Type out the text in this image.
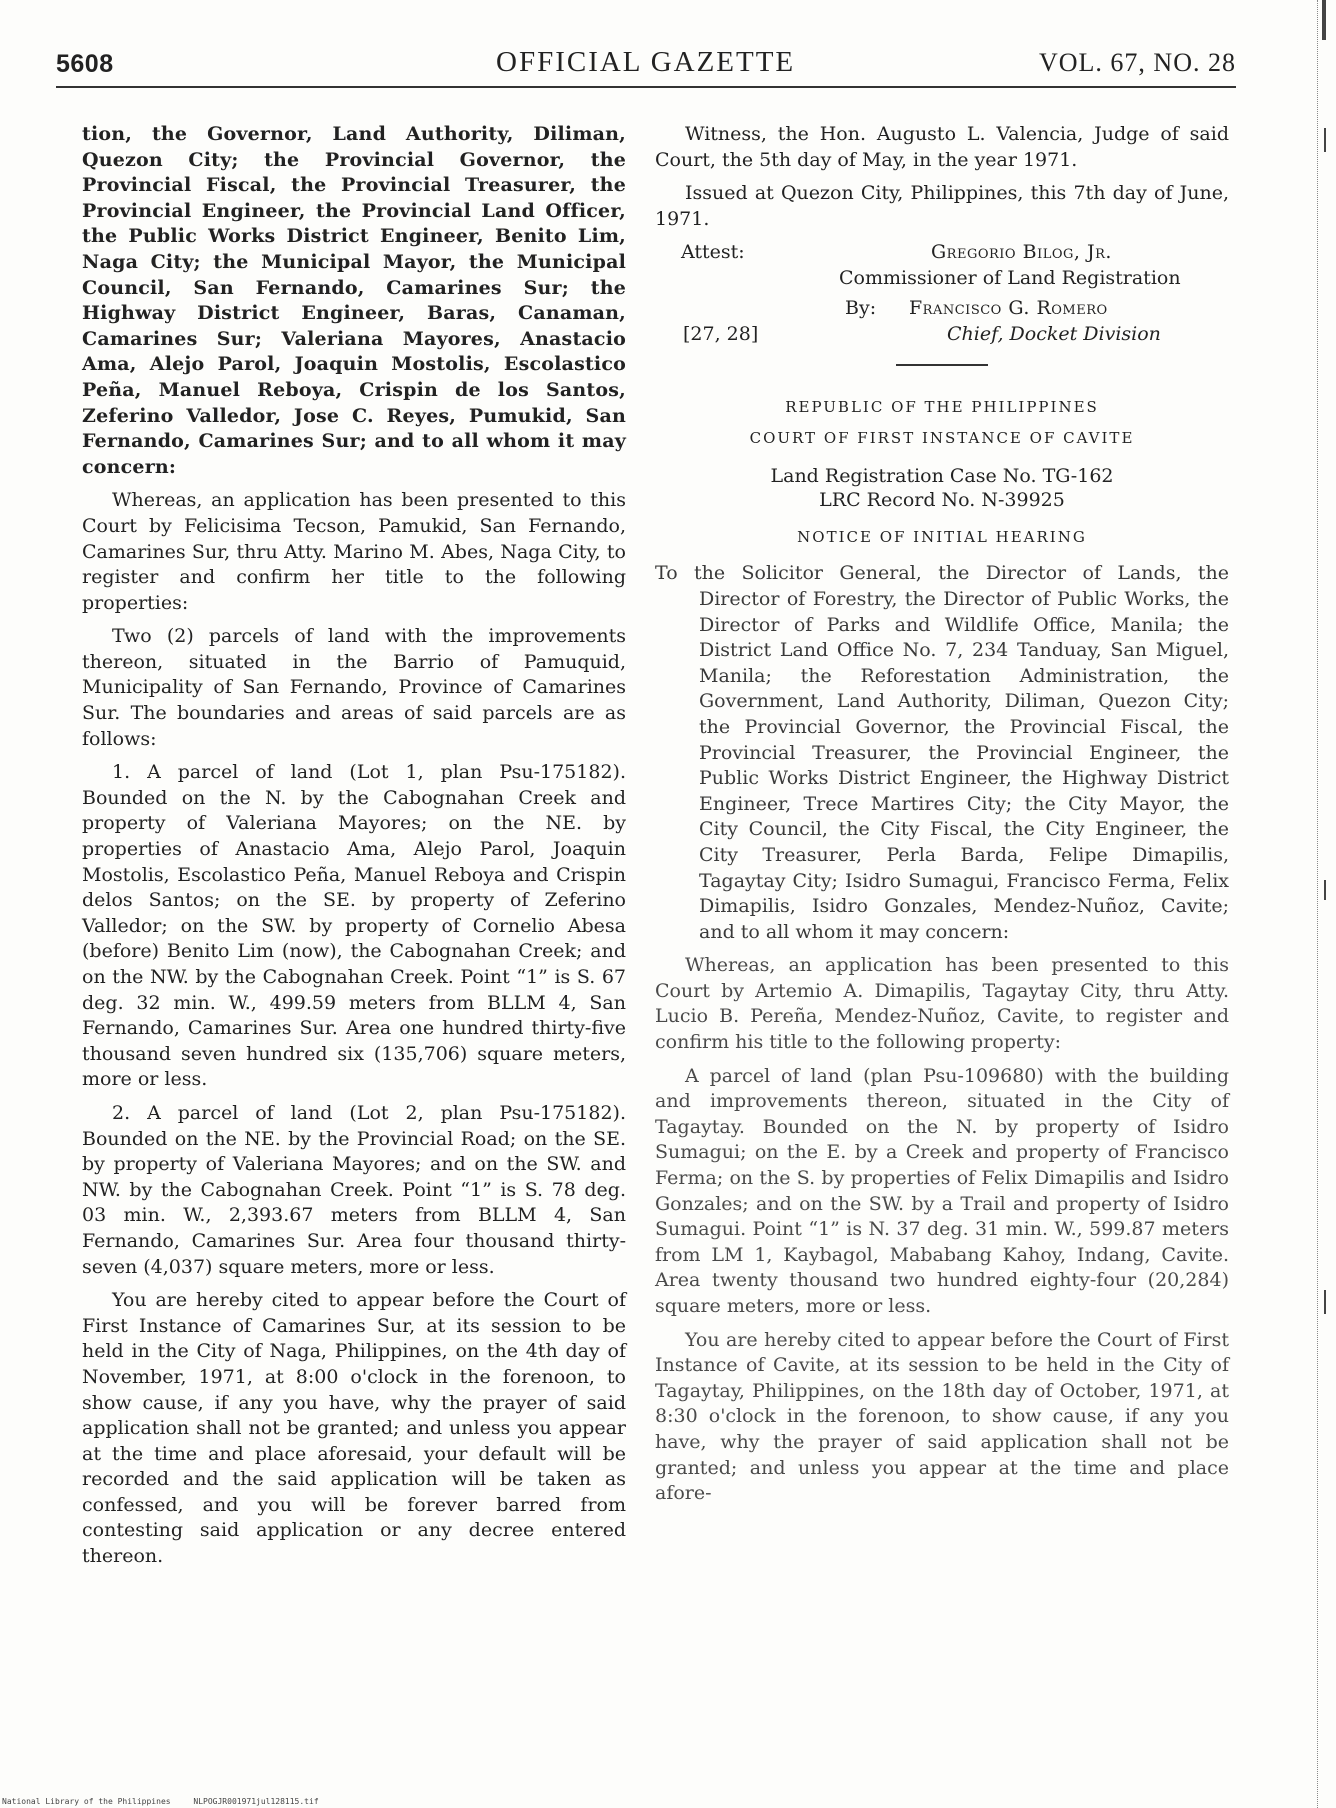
5608	OFFICIAL GAZETTE	VOL. 67, NO. 28

tion, the Governor, Land Authority, Diliman, Quezon City; the Provincial Governor, the Provincial Fiscal, the Provincial Treasurer, the Provincial Engineer, the Provincial Land Officer, the Public Works District Engineer, Benito Lim, Naga City; the Municipal Mayor, the Municipal Council, San Fernando, Camarines Sur; the Highway District Engineer, Baras, Canaman, Camarines Sur; Valeriana Mayores, Anastacio Ama, Alejo Parol, Joaquin Mostolis, Escolastico Peña, Manuel Reboya, Crispin de los Santos, Zeferino Valledor, Jose C. Reyes, Pumukid, San Fernando, Camarines Sur; and to all whom it may concern:

Whereas, an application has been presented to this Court by Felicisima Tecson, Pamukid, San Fernando, Camarines Sur, thru Atty. Marino M. Abes, Naga City, to register and confirm her title to the following properties:

Two (2) parcels of land with the improvements thereon, situated in the Barrio of Pamuquid, Municipality of San Fernando, Province of Camarines Sur. The boundaries and areas of said parcels are as follows:

1. A parcel of land (Lot 1, plan Psu-175182). Bounded on the N. by the Cabognahan Creek and property of Valeriana Mayores; on the NE. by properties of Anastacio Ama, Alejo Parol, Joaquin Mostolis, Escolastico Peña, Manuel Reboya and Crispin delos Santos; on the SE. by property of Zeferino Valledor; on the SW. by property of Cornelio Abesa (before) Benito Lim (now), the Cabognahan Creek; and on the NW. by the Cabognahan Creek. Point “1” is S. 67 deg. 32 min. W., 499.59 meters from BLLM 4, San Fernando, Camarines Sur. Area one hundred thirty-five thousand seven hundred six (135,706) square meters, more or less.

2. A parcel of land (Lot 2, plan Psu-175182). Bounded on the NE. by the Provincial Road; on the SE. by property of Valeriana Mayores; and on the SW. and NW. by the Cabognahan Creek. Point “1” is S. 78 deg. 03 min. W., 2,393.67 meters from BLLM 4, San Fernando, Camarines Sur. Area four thousand thirty-seven (4,037) square meters, more or less.

You are hereby cited to appear before the Court of First Instance of Camarines Sur, at its session to be held in the City of Naga, Philippines, on the 4th day of November, 1971, at 8:00 o'clock in the forenoon, to show cause, if any you have, why the prayer of said application shall not be granted; and unless you appear at the time and place aforesaid, your default will be recorded and the said application will be taken as confessed, and you will be forever barred from contesting said application or any decree entered thereon.

Witness, the Hon. Augusto L. Valencia, Judge of said Court, the 5th day of May, in the year 1971.

Issued at Quezon City, Philippines, this 7th day of June, 1971.

Attest:	Gregorio Bilog, Jr.
Commissioner of Land Registration
By: Francisco G. Romero
[27, 28]	Chief, Docket Division

REPUBLIC OF THE PHILIPPINES

COURT OF FIRST INSTANCE OF CAVITE

Land Registration Case No. TG-162
LRC Record No. N-39925

NOTICE OF INITIAL HEARING

To the Solicitor General, the Director of Lands, the Director of Forestry, the Director of Public Works, the Director of Parks and Wildlife Office, Manila; the District Land Office No. 7, 234 Tanduay, San Miguel, Manila; the Reforestation Administration, the Government, Land Authority, Diliman, Quezon City; the Provincial Governor, the Provincial Fiscal, the Provincial Treasurer, the Provincial Engineer, the Public Works District Engineer, the Highway District Engineer, Trece Martires City; the City Mayor, the City Council, the City Fiscal, the City Engineer, the City Treasurer, Perla Barda, Felipe Dimapilis, Tagaytay City; Isidro Sumagui, Francisco Ferma, Felix Dimapilis, Isidro Gonzales, Mendez-Nuñoz, Cavite; and to all whom it may concern:

Whereas, an application has been presented to this Court by Artemio A. Dimapilis, Tagaytay City, thru Atty. Lucio B. Pereña, Mendez-Nuñoz, Cavite, to register and confirm his title to the following property:

A parcel of land (plan Psu-109680) with the building and improvements thereon, situated in the City of Tagaytay. Bounded on the N. by property of Isidro Sumagui; on the E. by a Creek and property of Francisco Ferma; on the S. by properties of Felix Dimapilis and Isidro Gonzales; and on the SW. by a Trail and property of Isidro Sumagui. Point “1” is N. 37 deg. 31 min. W., 599.87 meters from LM 1, Kaybagol, Mababang Kahoy, Indang, Cavite. Area twenty thousand two hundred eighty-four (20,284) square meters, more or less.

You are hereby cited to appear before the Court of First Instance of Cavite, at its session to be held in the City of Tagaytay, Philippines, on the 18th day of October, 1971, at 8:30 o'clock in the forenoon, to show cause, if any you have, why the prayer of said application shall not be granted; and unless you appear at the time and place afore-

National Library of the Philippines	NLPOGJR001971jul128115.tif
